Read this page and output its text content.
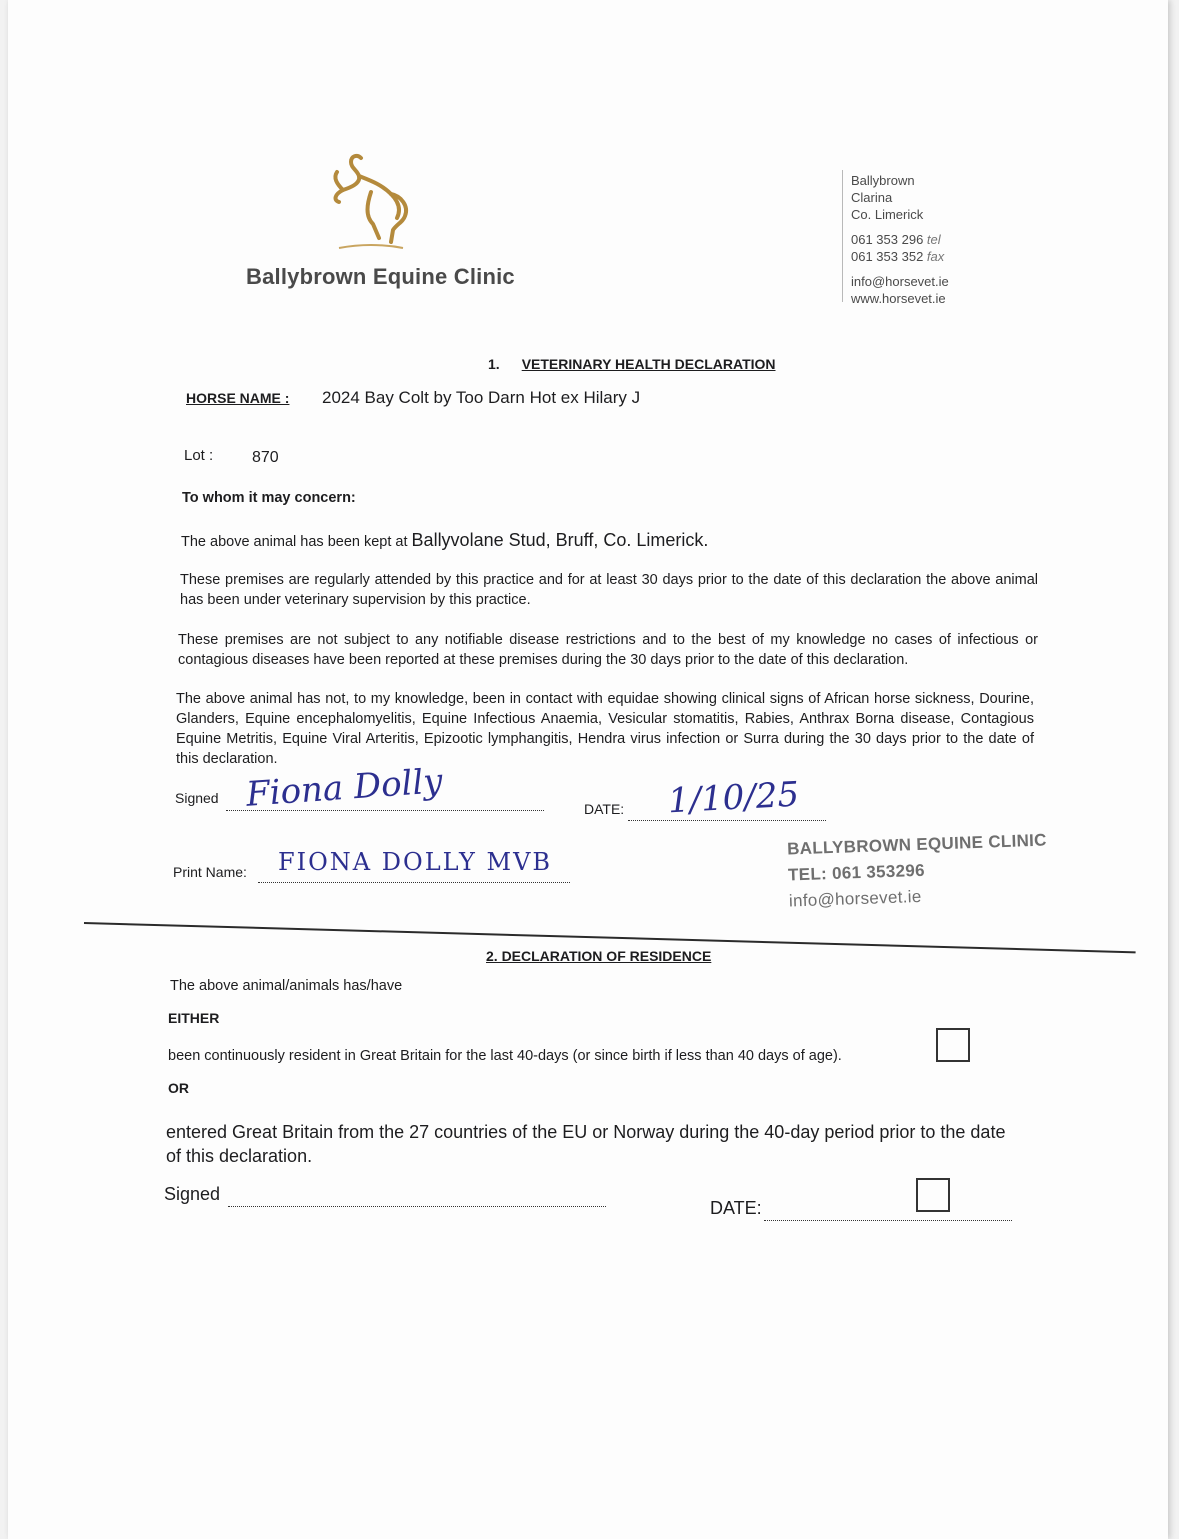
Ballybrown Equine Clinic
Ballybrown
Clarina
Co. Limerick
061 353 296 tel
061 353 352 fax
info@horsevet.ie
www.horsevet.ie
1. VETERINARY HEALTH DECLARATION
HORSE NAME : 2024 Bay Colt by Too Darn Hot ex Hilary J
Lot : 870
To whom it may concern:
The above animal has been kept at Ballyvolane Stud, Bruff, Co. Limerick.
These premises are regularly attended by this practice and for at least 30 days prior to the date of this declaration the above animal has been under veterinary supervision by this practice.
These premises are not subject to any notifiable disease restrictions and to the best of my knowledge no cases of infectious or contagious diseases have been reported at these premises during the 30 days prior to the date of this declaration.
The above animal has not, to my knowledge, been in contact with equidae showing clinical signs of African horse sickness, Dourine, Glanders, Equine encephalomyelitis, Equine Infectious Anaemia, Vesicular stomatitis, Rabies, Anthrax Borna disease, Contagious Equine Metritis, Equine Viral Arteritis, Epizootic lymphangitis, Hendra virus infection or Surra during the 30 days prior to the date of this declaration.
Signed Fiona Dolly	DATE: 1/10/25
Print Name: FIONA DOLLY MVB
BALLYBROWN EQUINE CLINIC
TEL: 061 353296
info@horsevet.ie
2. DECLARATION OF RESIDENCE
The above animal/animals has/have
EITHER
been continuously resident in Great Britain for the last 40-days (or since birth if less than 40 days of age).
OR
entered Great Britain from the 27 countries of the EU or Norway during the 40-day period prior to the date of this declaration.
Signed
DATE:
